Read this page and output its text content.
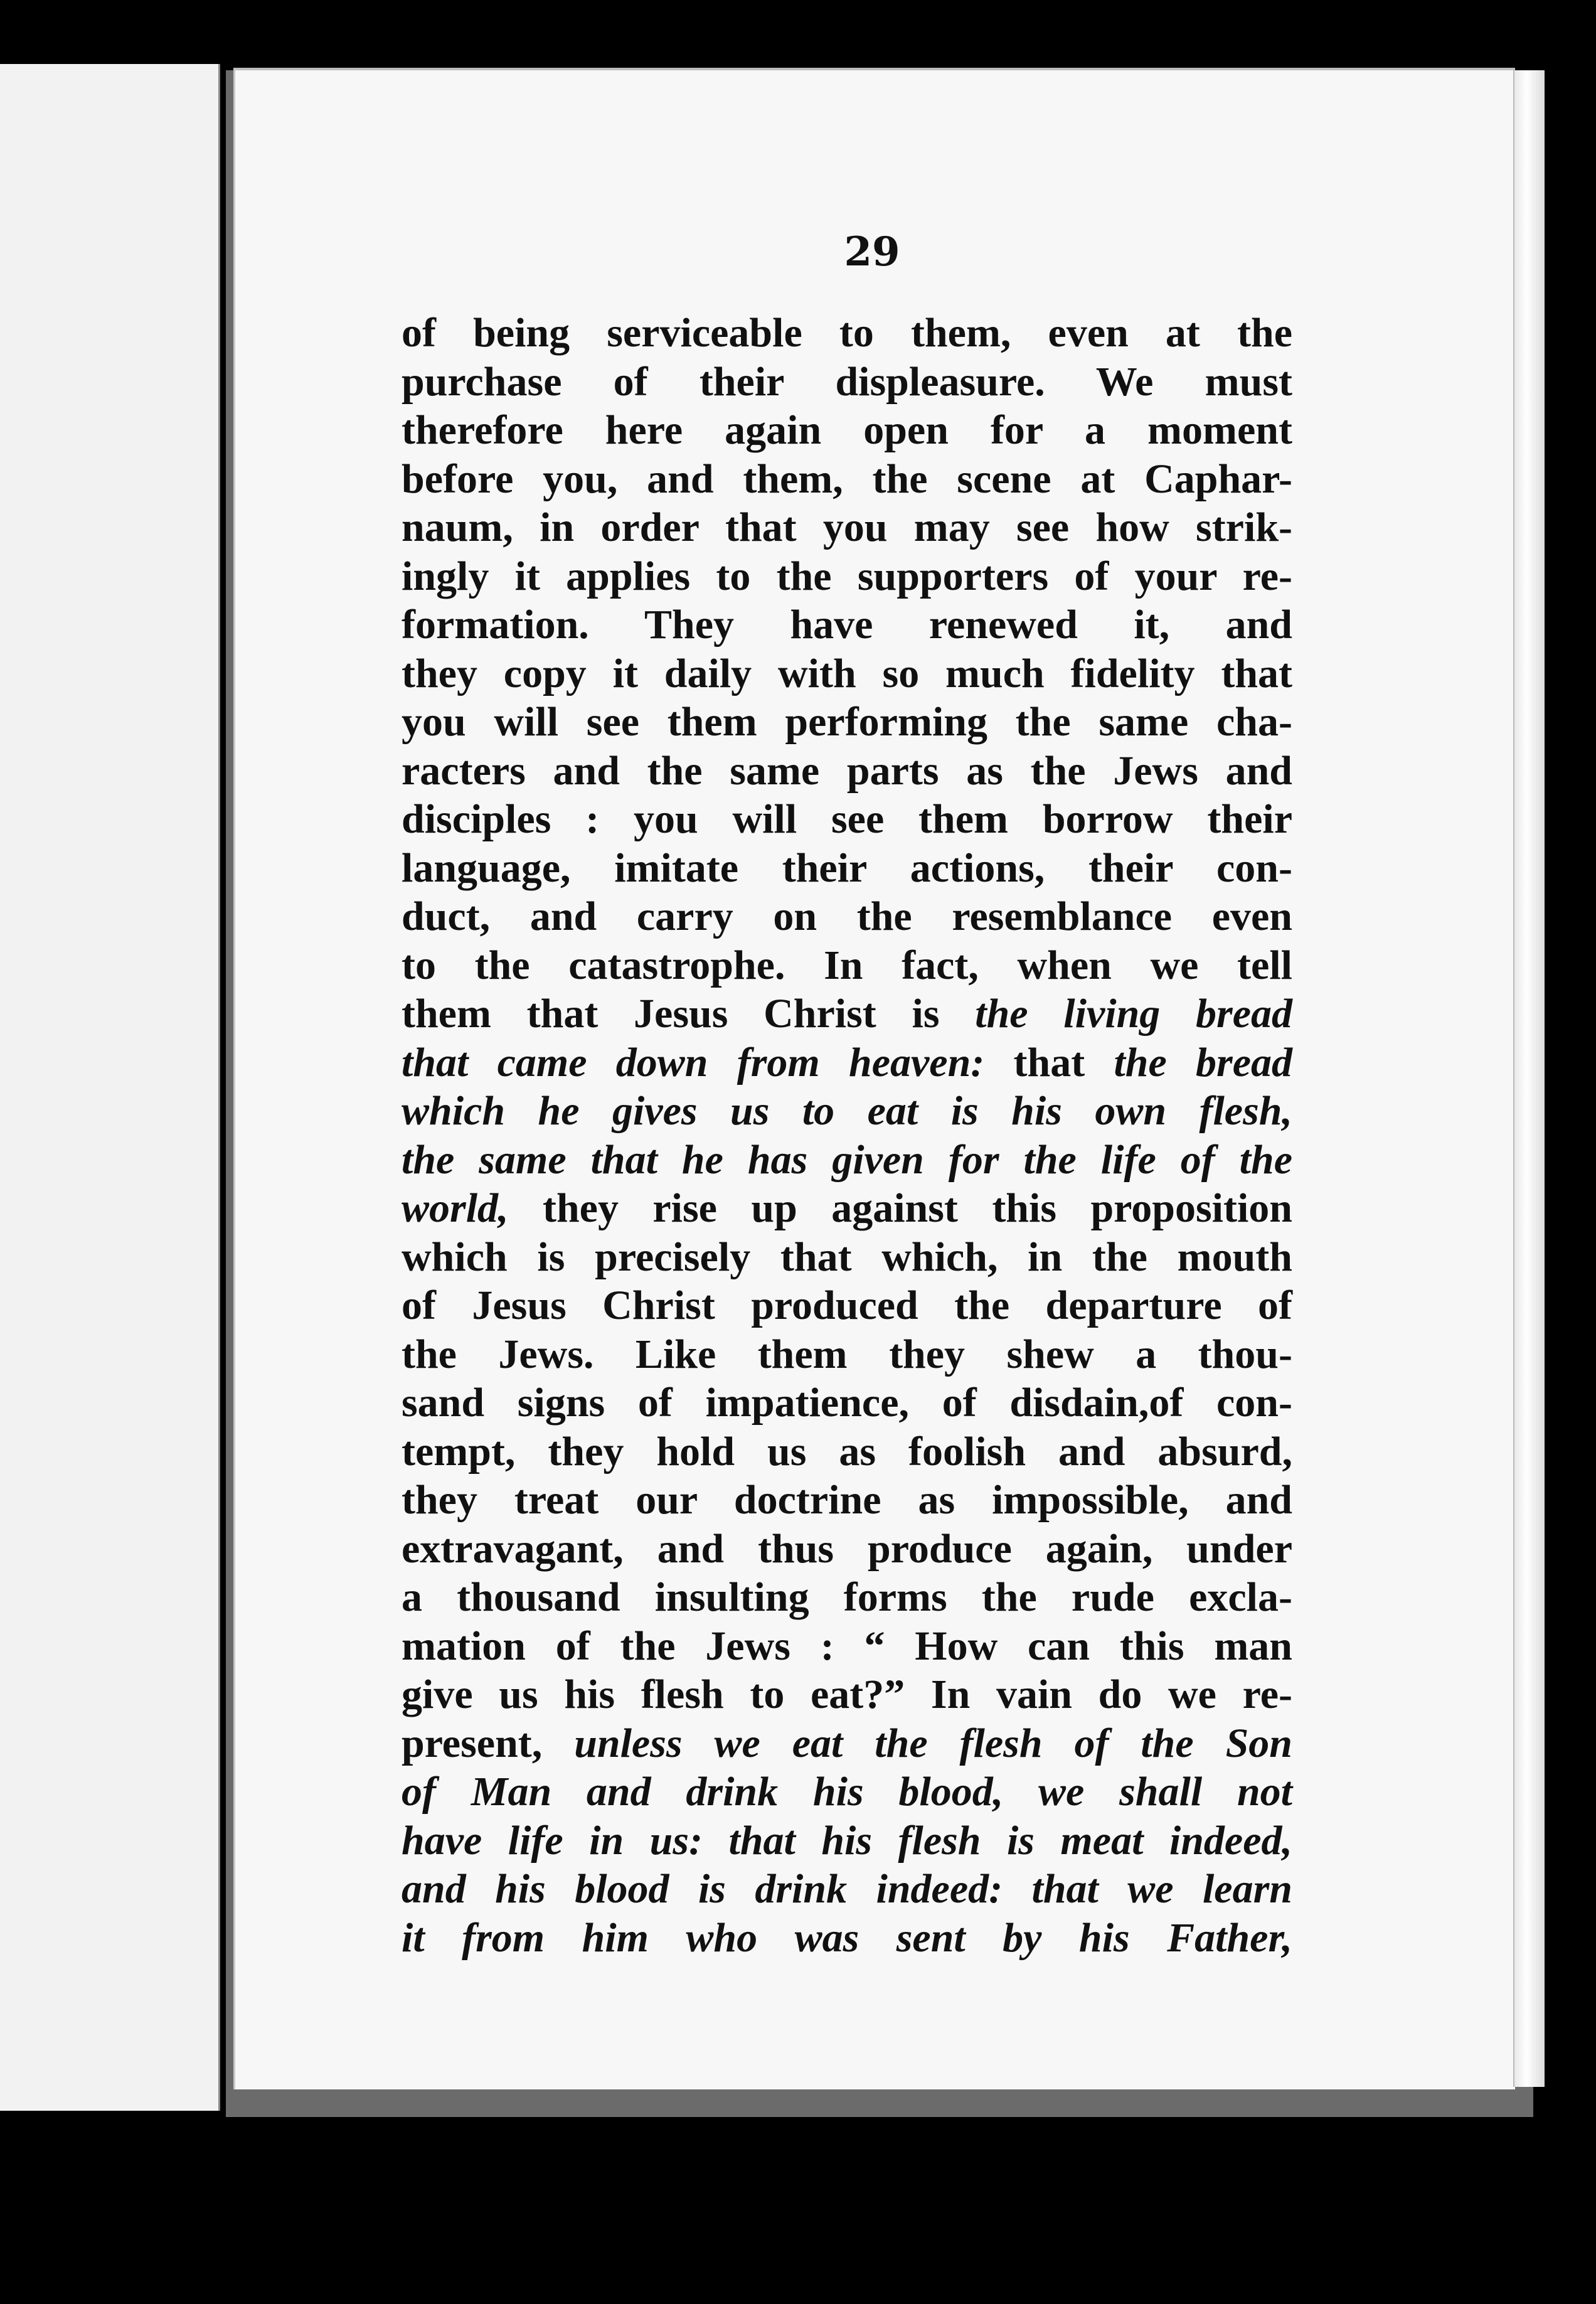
29
of being serviceable to them, even at the
purchase of their displeasure. We must
therefore here again open for a moment
before you, and them, the scene at Caphar-
naum, in order that you may see how strik-
ingly it applies to the supporters of your re-
formation. They have renewed it, and
they copy it daily with so much fidelity that
you will see them performing the same cha-
racters and the same parts as the Jews and
disciples : you will see them borrow their
language, imitate their actions, their con-
duct, and carry on the resemblance even
to the catastrophe. In fact, when we tell
them that Jesus Christ is the living bread
that came down from heaven: that the bread
which he gives us to eat is his own flesh,
the same that he has given for the life of the
world, they rise up against this proposition
which is precisely that which, in the mouth
of Jesus Christ produced the departure of
the Jews. Like them they shew a thou-
sand signs of impatience, of disdain,of con-
tempt, they hold us as foolish and absurd,
they treat our doctrine as impossible, and
extravagant, and thus produce again, under
a thousand insulting forms the rude excla-
mation of the Jews : “ How can this man
give us his flesh to eat?” In vain do we re-
present, unless we eat the flesh of the Son
of Man and drink his blood, we shall not
have life in us: that his flesh is meat indeed,
and his blood is drink indeed: that we learn
it from him who was sent by his Father,
